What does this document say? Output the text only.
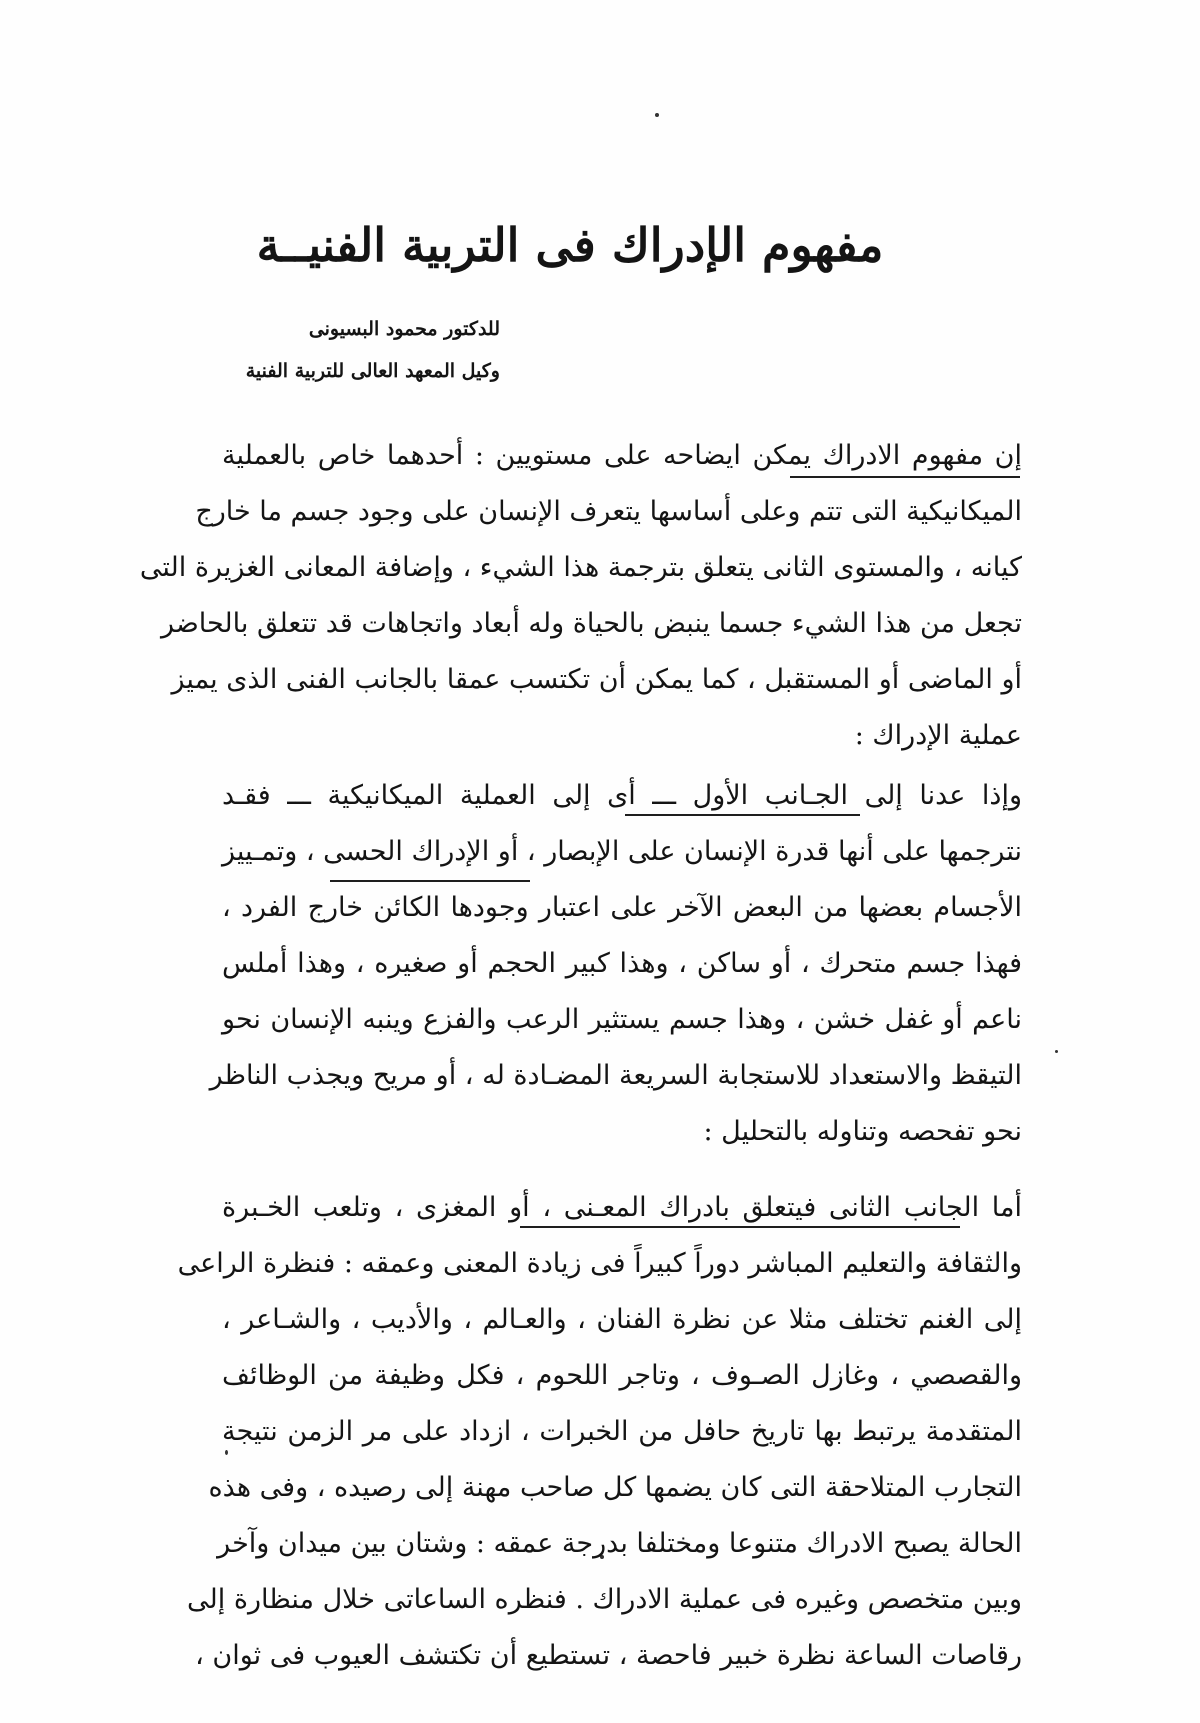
مفهوم الإدراك فى التربية الفنيــة
للدكتور محمود البسيونى
وكيل المعهد العالى للتربية الفنية
إن مفهوم الادراك يمكن ايضاحه على مستويين : أحدهما خاص بالعملية
الميكانيكية التى تتم وعلى أساسها يتعرف الإنسان على وجود جسم ما خارج
كيانه ، والمستوى الثانى يتعلق بترجمة هذا الشيء ، وإضافة المعانى الغزيرة التى
تجعل من هذا الشيء جسما ينبض بالحياة وله أبعاد واتجاهات قد تتعلق بالحاضر
أو الماضى أو المستقبل ، كما يمكن أن تكتسب عمقا بالجانب الفنى الذى يميز
عملية الإدراك :
وإذا عدنا إلى الجـانب الأول ـــ أى إلى العملية الميكانيكية ـــ فقـد
نترجمها على أنها قدرة الإنسان على الإبصار ، أو الإدراك الحسى ، وتمـييز
الأجسام بعضها من البعض الآخر على اعتبار وجودها الكائن خارج الفرد ،
فهذا جسم متحرك ، أو ساكن ، وهذا كبير الحجم أو صغيره ، وهذا أملس
ناعم أو غفل خشن ، وهذا جسم يستثير الرعب والفزع وينبه الإنسان نحو
التيقظ والاستعداد للاستجابة السريعة المضـادة له ، أو مريح ويجذب الناظر
نحو تفحصه وتناوله بالتحليل :
أما الجانب الثانى فيتعلق بادراك المعـنى ، أو المغزى ، وتلعب الخـبرة
والثقافة والتعليم المباشر دوراً كبيراً فى زيادة المعنى وعمقه : فنظرة الراعى
إلى الغنم تختلف مثلا عن نظرة الفنان ، والعـالم ، والأديب ، والشـاعر ،
والقصصي ، وغازل الصـوف ، وتاجر اللحوم ، فكل وظيفة من الوظائف
المتقدمة يرتبط بها تاريخ حافل من الخبرات ، ازداد على مر الزمن نتيجة
التجارب المتلاحقة التى كان يضمها كل صاحب مهنة إلى رصيده ، وفى هذه
الحالة يصبح الادراك متنوعا ومختلفا بدرجة عمقه : وشتان بين ميدان وآخر
وبين متخصص وغيره فى عملية الادراك . فنظره الساعاتى خلال منظارة إلى
رقاصات الساعة نظرة خبير فاحصة ، تستطيع أن تكتشف العيوب فى ثوان ،
